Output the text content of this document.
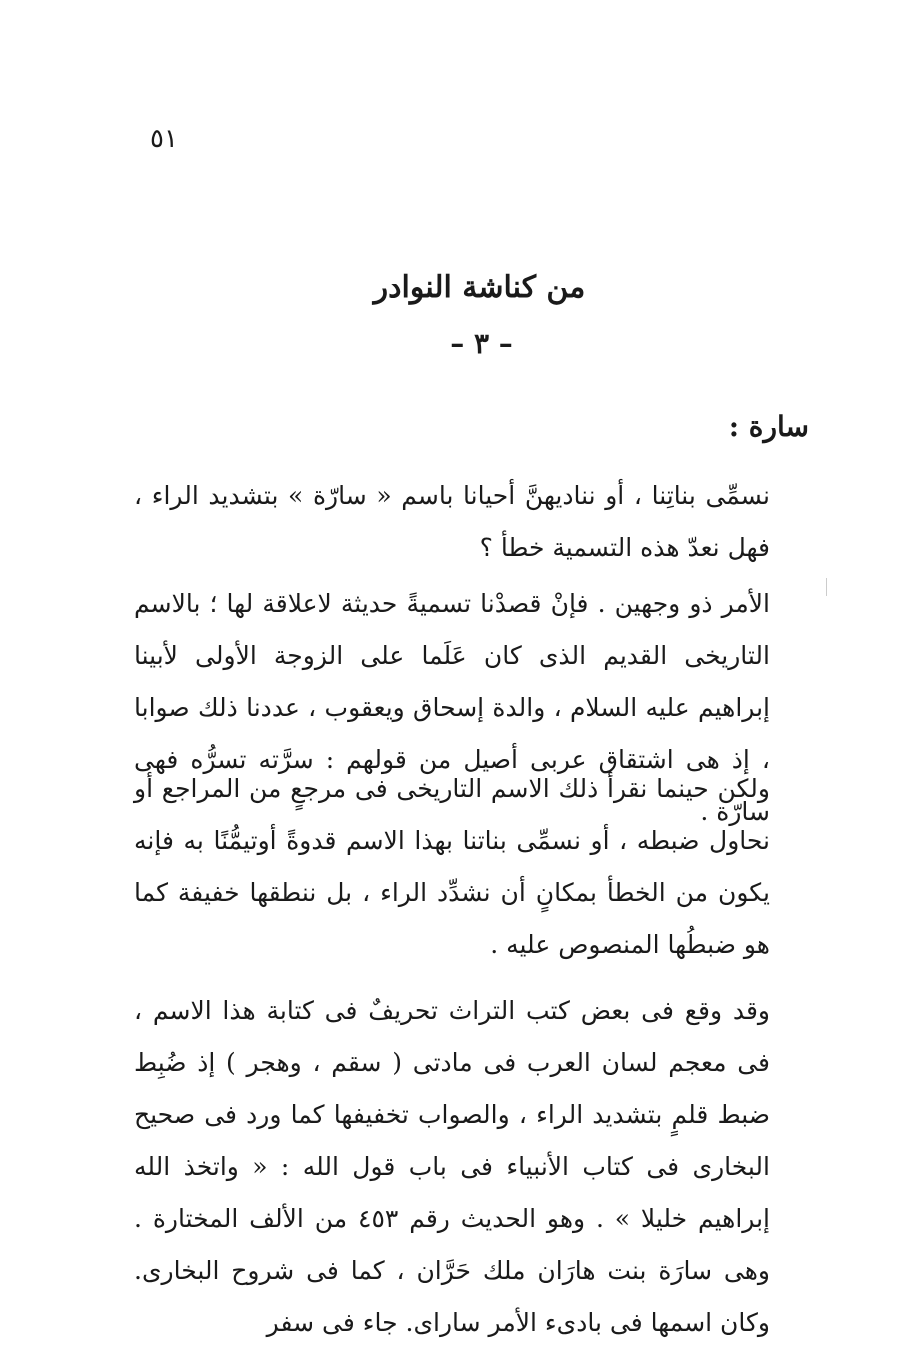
٥١
من كناشة النوادر
– ٣ –
سارة :
نسمِّى بناتِنا ، أو نناديهنَّ أحيانا باسم « سارّة » بتشديد الراء ، فهل نعدّ هذه التسمية خطأ ؟
الأمر ذو وجهين . فإنْ قصدْنا تسميةً حديثة لاعلاقة لها ؛ بالاسم التاريخى القديم الذى كان عَلَما على الزوجة الأولى لأبينا إبراهيم عليه السلام ، والدة إسحاق ويعقوب ، عددنا ذلك صوابا ، إذ هى اشتقاق عربى أصيل من قولهم : سرَّته تسرُّه فهى سارّة .
ولكن حينما نقرأ ذلك الاسم التاريخى فى مرجعٍ من المراجع أو نحاول ضبطه ، أو نسمِّى بناتنا بهذا الاسم قدوةً أوتيمُّنًا به فإنه يكون من الخطأ بمكانٍ أن نشدِّد الراء ، بل ننطقها خفيفة كما هو ضبطُها المنصوص عليه .
وقد وقع فى بعض كتب التراث تحريفٌ فى كتابة هذا الاسم ، فى معجم لسان العرب فى مادتى ( سقم ، وهجر ) إذ ضُبِط ضبط قلمٍ بتشديد الراء ، والصواب تخفيفها كما ورد فى صحيح البخارى فى كتاب الأنبياء فى باب قول الله : « واتخذ الله إبراهيم خليلا » . وهو الحديث رقم ٤٥٣ من الألف المختارة . وهى سارَة بنت هارَان ملك حَرَّان ، كما فى شروح البخارى. وكان اسمها فى بادىء الأمر ساراى. جاء فى سفر
